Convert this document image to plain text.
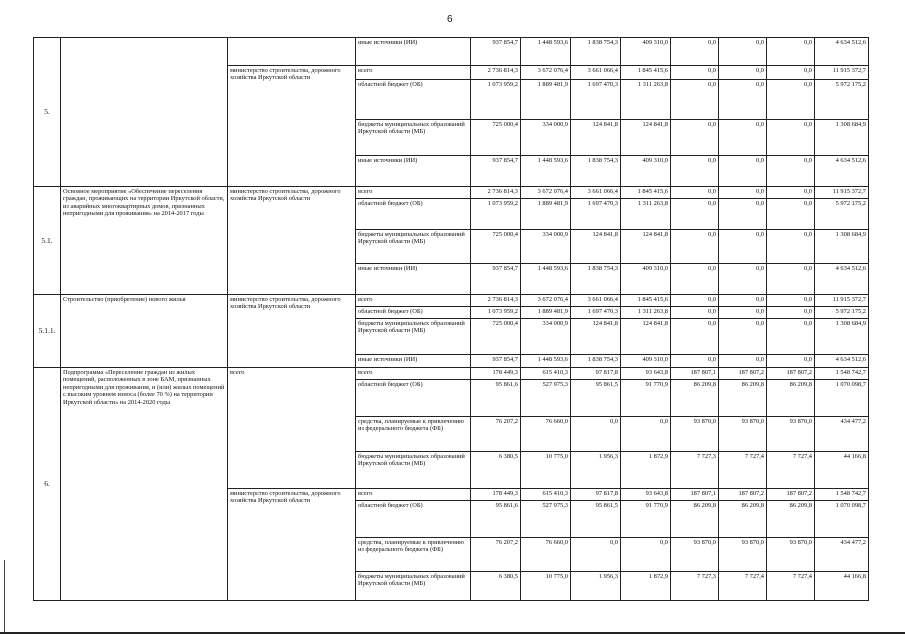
6
5.			иные источники (ИИ)	937 854,7	1 448 593,6	1 838 754,3	409 310,0	0,0	0,0	0,0	4 634 512,6
		министерство строительства, дорожного хозяйства Иркутской области	всего	2 736 814,3	3 672 076,4	3 661 066,4	1 845 415,6	0,0	0,0	0,0	11 915 372,7
			областной бюджет (ОБ)	1 073 959,2	1 889 481,9	1 697 470,3	1 311 263,8	0,0	0,0	0,0	5 972 175,2
			бюджеты муниципальных образований Иркутской области (МБ)	725 000,4	334 000,9	124 841,8	124 841,8	0,0	0,0	0,0	1 308 684,9
			иные источники (ИИ)	937 854,7	1 448 593,6	1 838 754,3	409 310,0	0,0	0,0	0,0	4 634 512,6
5.1.	Основное мероприятие «Обеспечение переселения граждан, проживающих на территории Иркутской области, из аварийных многоквартирных домов, признанных непригодными для проживания» на 2014-2017 годы	министерство строительства, дорожного хозяйства Иркутской области	всего	2 736 814,3	3 672 076,4	3 661 066,4	1 845 415,6	0,0	0,0	0,0	11 915 372,7
			областной бюджет (ОБ)	1 073 959,2	1 889 481,9	1 697 470,3	1 311 263,8	0,0	0,0	0,0	5 972 175,2
			бюджеты муниципальных образований Иркутской области (МБ)	725 000,4	334 000,9	124 841,8	124 841,8	0,0	0,0	0,0	1 308 684,9
			иные источники (ИИ)	937 854,7	1 448 593,6	1 838 754,3	409 310,0	0,0	0,0	0,0	4 634 512,6
5.1.1.	Строительство (приобретение) нового жилья	министерство строительства, дорожного хозяйства Иркутской области	всего	2 736 814,3	3 672 076,4	3 661 066,4	1 845 415,6	0,0	0,0	0,0	11 915 372,7
			областной бюджет (ОБ)	1 073 959,2	1 889 481,9	1 697 470,3	1 311 263,8	0,0	0,0	0,0	5 972 175,2
			бюджеты муниципальных образований Иркутской области (МБ)	725 000,4	334 000,9	124 841,8	124 841,8	0,0	0,0	0,0	1 308 684,9
			иные источники (ИИ)	937 854,7	1 448 593,6	1 838 754,3	409 310,0	0,0	0,0	0,0	4 634 512,6
6.	Подпрограмма «Переселение граждан из жилых помещений, расположенных в зоне БАМ, признанных непригодными для проживания, и (или) жилых помещений с высоким уровнем износа (более 70 %) на территории Иркутской области» на 2014-2020 годы	всего	всего	178 449,3	615 410,3	97 817,8	93 643,8	187 807,1	187 807,2	187 807,2	1 548 742,7
			областной бюджет (ОБ)	95 861,6	527 975,3	95 861,5	91 770,9	86 209,8	86 209,8	86 209,8	1 070 098,7
			средства, планируемые к привлечению из федерального бюджета (ФБ)	76 207,2	76 660,0	0,0	0,0	93 870,0	93 870,0	93 870,0	434 477,2
			бюджеты муниципальных образований Иркутской области (МБ)	6 380,5	10 775,0	1 956,3	1 872,9	7 727,3	7 727,4	7 727,4	44 166,8
		министерство строительства, дорожного хозяйства Иркутской области	всего	178 449,3	615 410,3	97 817,8	93 643,8	187 807,1	187 807,2	187 807,2	1 548 742,7
			областной бюджет (ОБ)	95 861,6	527 975,3	95 861,5	91 770,9	86 209,8	86 209,8	86 209,8	1 070 098,7
			средства, планируемые к привлечению из федерального бюджета (ФБ)	76 207,2	76 660,0	0,0	0,0	93 870,0	93 870,0	93 870,0	434 477,2
			бюджеты муниципальных образований Иркутской области (МБ)	6 380,5	10 775,0	1 956,3	1 872,9	7 727,3	7 727,4	7 727,4	44 166,8
